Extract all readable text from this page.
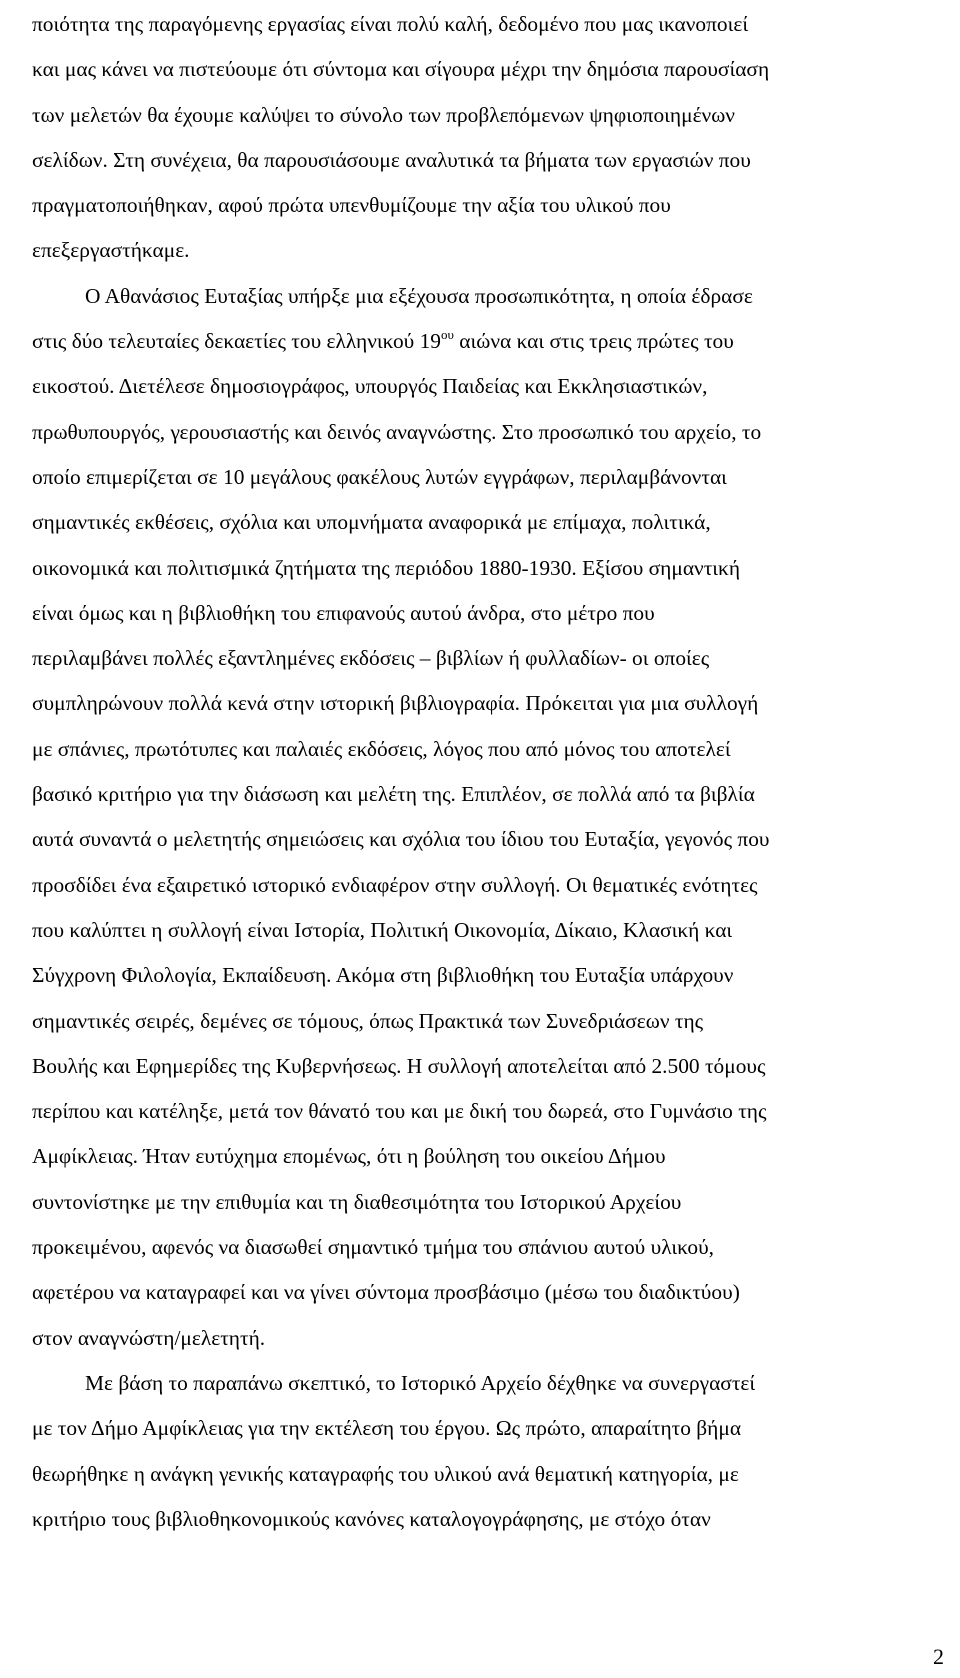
ποιότητα της παραγόμενης εργασίας είναι πολύ καλή, δεδομένο που μας ικανοποιεί
και μας κάνει να πιστεύουμε ότι σύντομα και σίγουρα μέχρι την δημόσια παρουσίαση
των μελετών θα έχουμε καλύψει το σύνολο των προβλεπόμενων ψηφιοποιημένων
σελίδων. Στη συνέχεια, θα παρουσιάσουμε αναλυτικά τα βήματα των εργασιών που
πραγματοποιήθηκαν, αφού πρώτα υπενθυμίζουμε την αξία του υλικού που
επεξεργαστήκαμε.

Ο Αθανάσιος Ευταξίας υπήρξε μια εξέχουσα προσωπικότητα, η οποία έδρασε
στις δύο τελευταίες δεκαετίες του ελληνικού $19^{o\upsilon}$ αιώνα και στις τρεις πρώτες του
εικοστού. Διετέλεσε δημοσιογράφος, υπουργός Παιδείας και Εκκλησιαστικών,
πρωθυπουργός, γερουσιαστής και δεινός αναγνώστης. Στο προσωπικό του αρχείο, το
οποίο επιμερίζεται σε 10 μεγάλους φακέλους λυτών εγγράφων, περιλαμβάνονται
σημαντικές εκθέσεις, σχόλια και υπομνήματα αναφορικά με επίμαχα, πολιτικά,
οικονομικά και πολιτισμικά ζητήματα της περιόδου 1880-1930. Εξίσου σημαντική
είναι όμως και η βιβλιοθήκη του επιφανούς αυτού άνδρα, στο μέτρο που
περιλαμβάνει πολλές εξαντλημένες εκδόσεις – βιβλίων ή φυλλαδίων- οι οποίες
συμπληρώνουν πολλά κενά στην ιστορική βιβλιογραφία. Πρόκειται για μια συλλογή
με σπάνιες, πρωτότυπες και παλαιές εκδόσεις, λόγος που από μόνος του αποτελεί
βασικό κριτήριο για την διάσωση και μελέτη της. Επιπλέον, σε πολλά από τα βιβλία
αυτά συναντά ο μελετητής σημειώσεις και σχόλια του ίδιου του Ευταξία, γεγονός που
προσδίδει ένα εξαιρετικό ιστορικό ενδιαφέρον στην συλλογή. Οι θεματικές ενότητες
που καλύπτει η συλλογή είναι Ιστορία, Πολιτική Οικονομία, Δίκαιο, Κλασική και
Σύγχρονη Φιλολογία, Εκπαίδευση. Ακόμα στη βιβλιοθήκη του Ευταξία υπάρχουν
σημαντικές σειρές, δεμένες σε τόμους, όπως Πρακτικά των Συνεδριάσεων της
Βουλής και Εφημερίδες της Κυβερνήσεως. Η συλλογή αποτελείται από 2.500 τόμους
περίπου και κατέληξε, μετά τον θάνατό του και με δική του δωρεά, στο Γυμνάσιο της
Αμφίκλειας. Ήταν ευτύχημα επομένως, ότι η βούληση του οικείου Δήμου
συντονίστηκε με την επιθυμία και τη διαθεσιμότητα του Ιστορικού Αρχείου
προκειμένου, αφενός να διασωθεί σημαντικό τμήμα του σπάνιου αυτού υλικού,
αφετέρου να καταγραφεί και να γίνει σύντομα προσβάσιμο (μέσω του διαδικτύου)
στον αναγνώστη/μελετητή.

Με βάση το παραπάνω σκεπτικό, το Ιστορικό Αρχείο δέχθηκε να συνεργαστεί
με τον Δήμο Αμφίκλειας για την εκτέλεση του έργου. Ως πρώτο, απαραίτητο βήμα
θεωρήθηκε η ανάγκη γενικής καταγραφής του υλικού ανά θεματική κατηγορία, με
κριτήριο τους βιβλιοθηκονομικούς κανόνες καταλογογράφησης, με στόχο όταν

2
